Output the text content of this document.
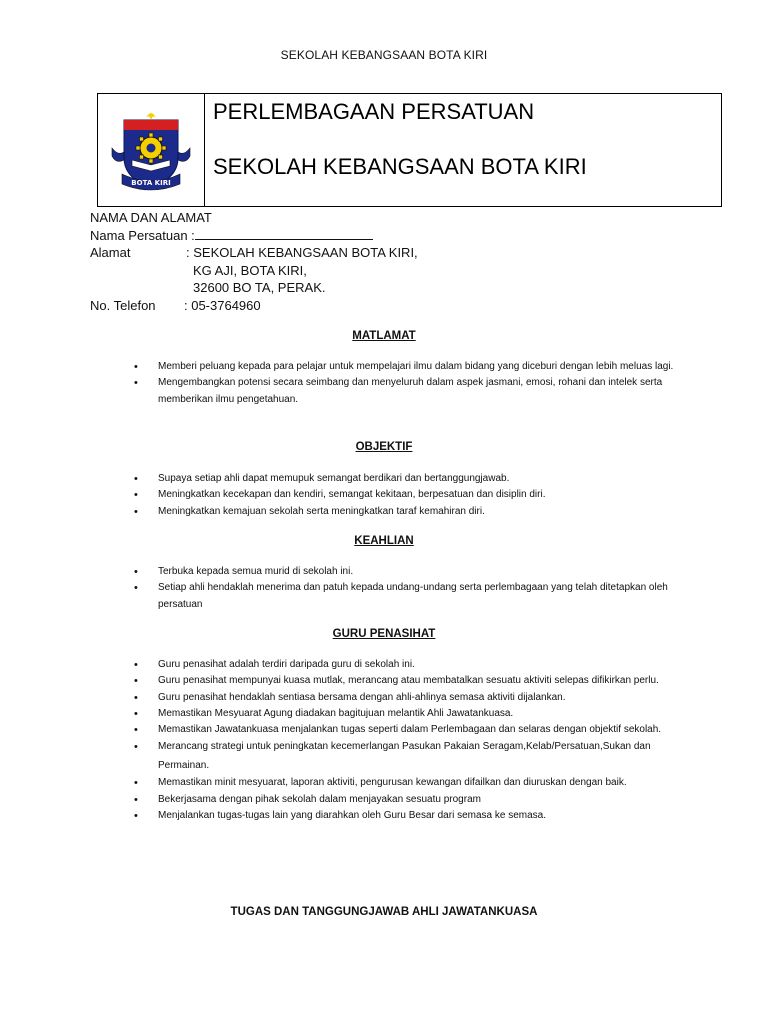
SEKOLAH KEBANGSAAN BOTA KIRI
BOTA KIRI
PERLEMBAGAAN PERSATUAN
SEKOLAH KEBANGSAAN BOTA KIRI
NAMA DAN ALAMAT
Nama Persatuan :
Alamat	: SEKOLAH KEBANGSAAN BOTA KIRI,
KG AJI, BOTA KIRI,
32600 BO TA, PERAK.
No. Telefon	: 05-3764960
MATLAMAT
• Memberi peluang kepada para pelajar untuk mempelajari ilmu dalam bidang yang diceburi dengan lebih meluas lagi.
• Mengembangkan potensi secara seimbang dan menyeluruh dalam aspek jasmani, emosi, rohani dan intelek serta memberikan ilmu pengetahuan.
OBJEKTIF
• Supaya setiap ahli dapat memupuk semangat berdikari dan bertanggungjawab.
• Meningkatkan kecekapan dan kendiri, semangat kekitaan, berpesatuan dan disiplin diri.
• Meningkatkan kemajuan sekolah serta meningkatkan taraf kemahiran diri.
KEAHLIAN
• Terbuka kepada semua murid di sekolah ini.
• Setiap ahli hendaklah menerima dan patuh kepada undang-undang serta perlembagaan yang telah ditetapkan oleh persatuan
GURU PENASIHAT
• Guru penasihat adalah terdiri daripada guru di sekolah ini.
• Guru penasihat mempunyai kuasa mutlak, merancang atau membatalkan sesuatu aktiviti selepas difikirkan perlu.
• Guru penasihat hendaklah sentiasa bersama dengan ahli-ahlinya semasa aktiviti dijalankan.
• Memastikan Mesyuarat Agung diadakan bagitujuan melantik Ahli Jawatankuasa.
• Memastikan Jawatankuasa menjalankan tugas seperti dalam Perlembagaan dan selaras dengan objektif sekolah.
• Merancang strategi untuk peningkatan kecemerlangan Pasukan Pakaian Seragam,Kelab/Persatuan,Sukan dan Permainan.
• Memastikan minit mesyuarat, laporan aktiviti, pengurusan kewangan difailkan dan diuruskan dengan baik.
• Bekerjasama dengan pihak sekolah dalam menjayakan sesuatu program
• Menjalankan tugas-tugas lain yang diarahkan oleh Guru Besar dari semasa ke semasa.
TUGAS DAN TANGGUNGJAWAB AHLI JAWATANKUASA
